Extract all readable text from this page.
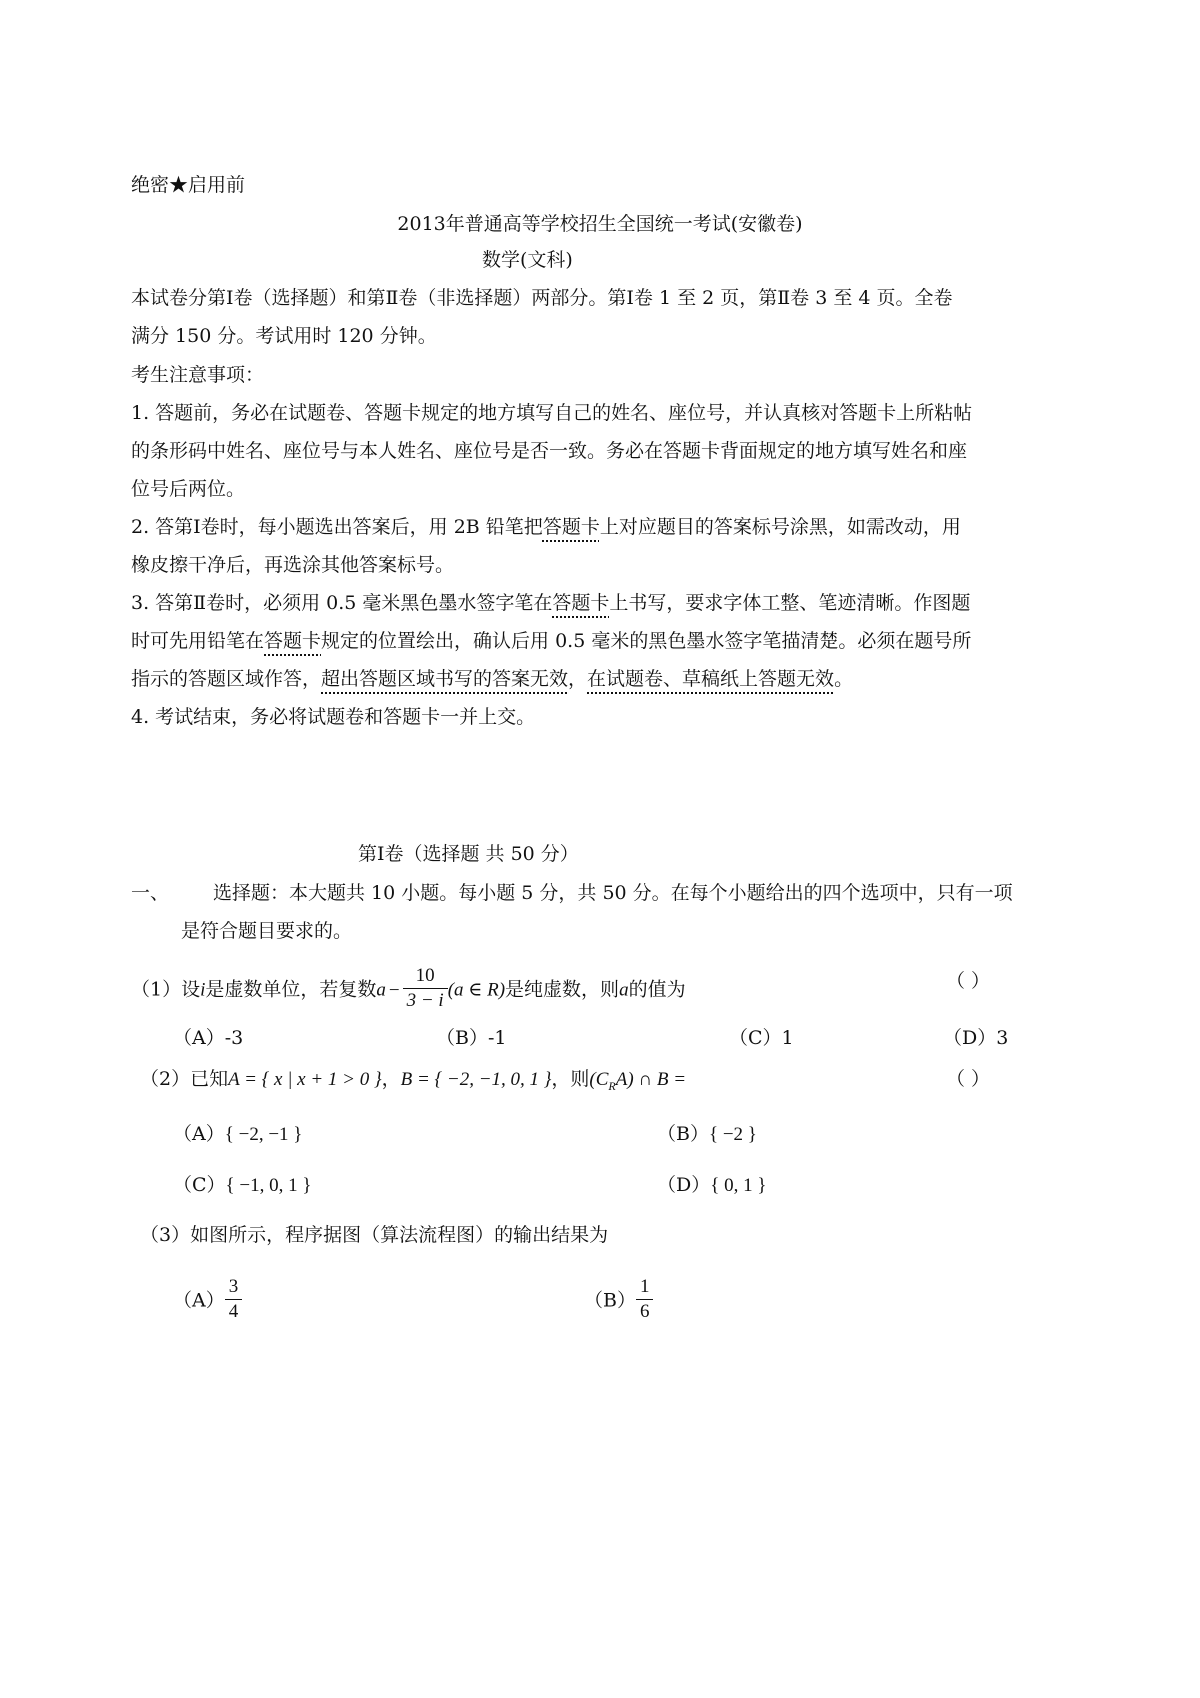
绝密★启用前
2013年普通高等学校招生全国统一考试(安徽卷)
数学(文科)
本试卷分第Ⅰ卷（选择题）和第Ⅱ卷（非选择题）两部分。第Ⅰ卷 1 至 2 页，第Ⅱ卷 3 至 4 页。全卷
满分 150 分。考试用时 120 分钟。
考生注意事项：
1. 答题前，务必在试题卷、答题卡规定的地方填写自己的姓名、座位号，并认真核对答题卡上所粘帖
的条形码中姓名、座位号与本人姓名、座位号是否一致。务必在答题卡背面规定的地方填写姓名和座
位号后两位。
2. 答第Ⅰ卷时，每小题选出答案后，用 2B 铅笔把答题卡上对应题目的答案标号涂黑，如需改动，用
橡皮擦干净后，再选涂其他答案标号。
3. 答第Ⅱ卷时，必须用 0.5 毫米黑色墨水签字笔在答题卡上书写，要求字体工整、笔迹清晰。作图题
时可先用铅笔在答题卡规定的位置绘出，确认后用 0.5 毫米的黑色墨水签字笔描清楚。必须在题号所
指示的答题区域作答，超出答题区域书写的答案无效，在试题卷、草稿纸上答题无效。
4. 考试结束，务必将试题卷和答题卡一并上交。
第Ⅰ卷（选择题 共 50 分）
一、 选择题：本大题共 10 小题。每小题 5 分，共 50 分。在每个小题给出的四个选项中，只有一项
是符合题目要求的。
（1）设i是虚数单位，若复数$a - \frac{10}{3 - i} (a$ ∈ R)是纯虚数，则a的值为	（ ）
（A）-3	（B）-1	（C）1	（D）3
（2）已知A = { x | x + 1 > 0 }，B = { −2, −1, 0, 1 }，则$(C_RA)$ ∩ B =	（ ）
（A）{ −2, −1 }	（B）{ −2 }
（C）{ −1, 0, 1 }	（D）{ 0, 1 }
（3）如图所示，程序据图（算法流程图）的输出结果为
$(A) \frac{3}{4}$	$(B) \frac{1}{6}$
